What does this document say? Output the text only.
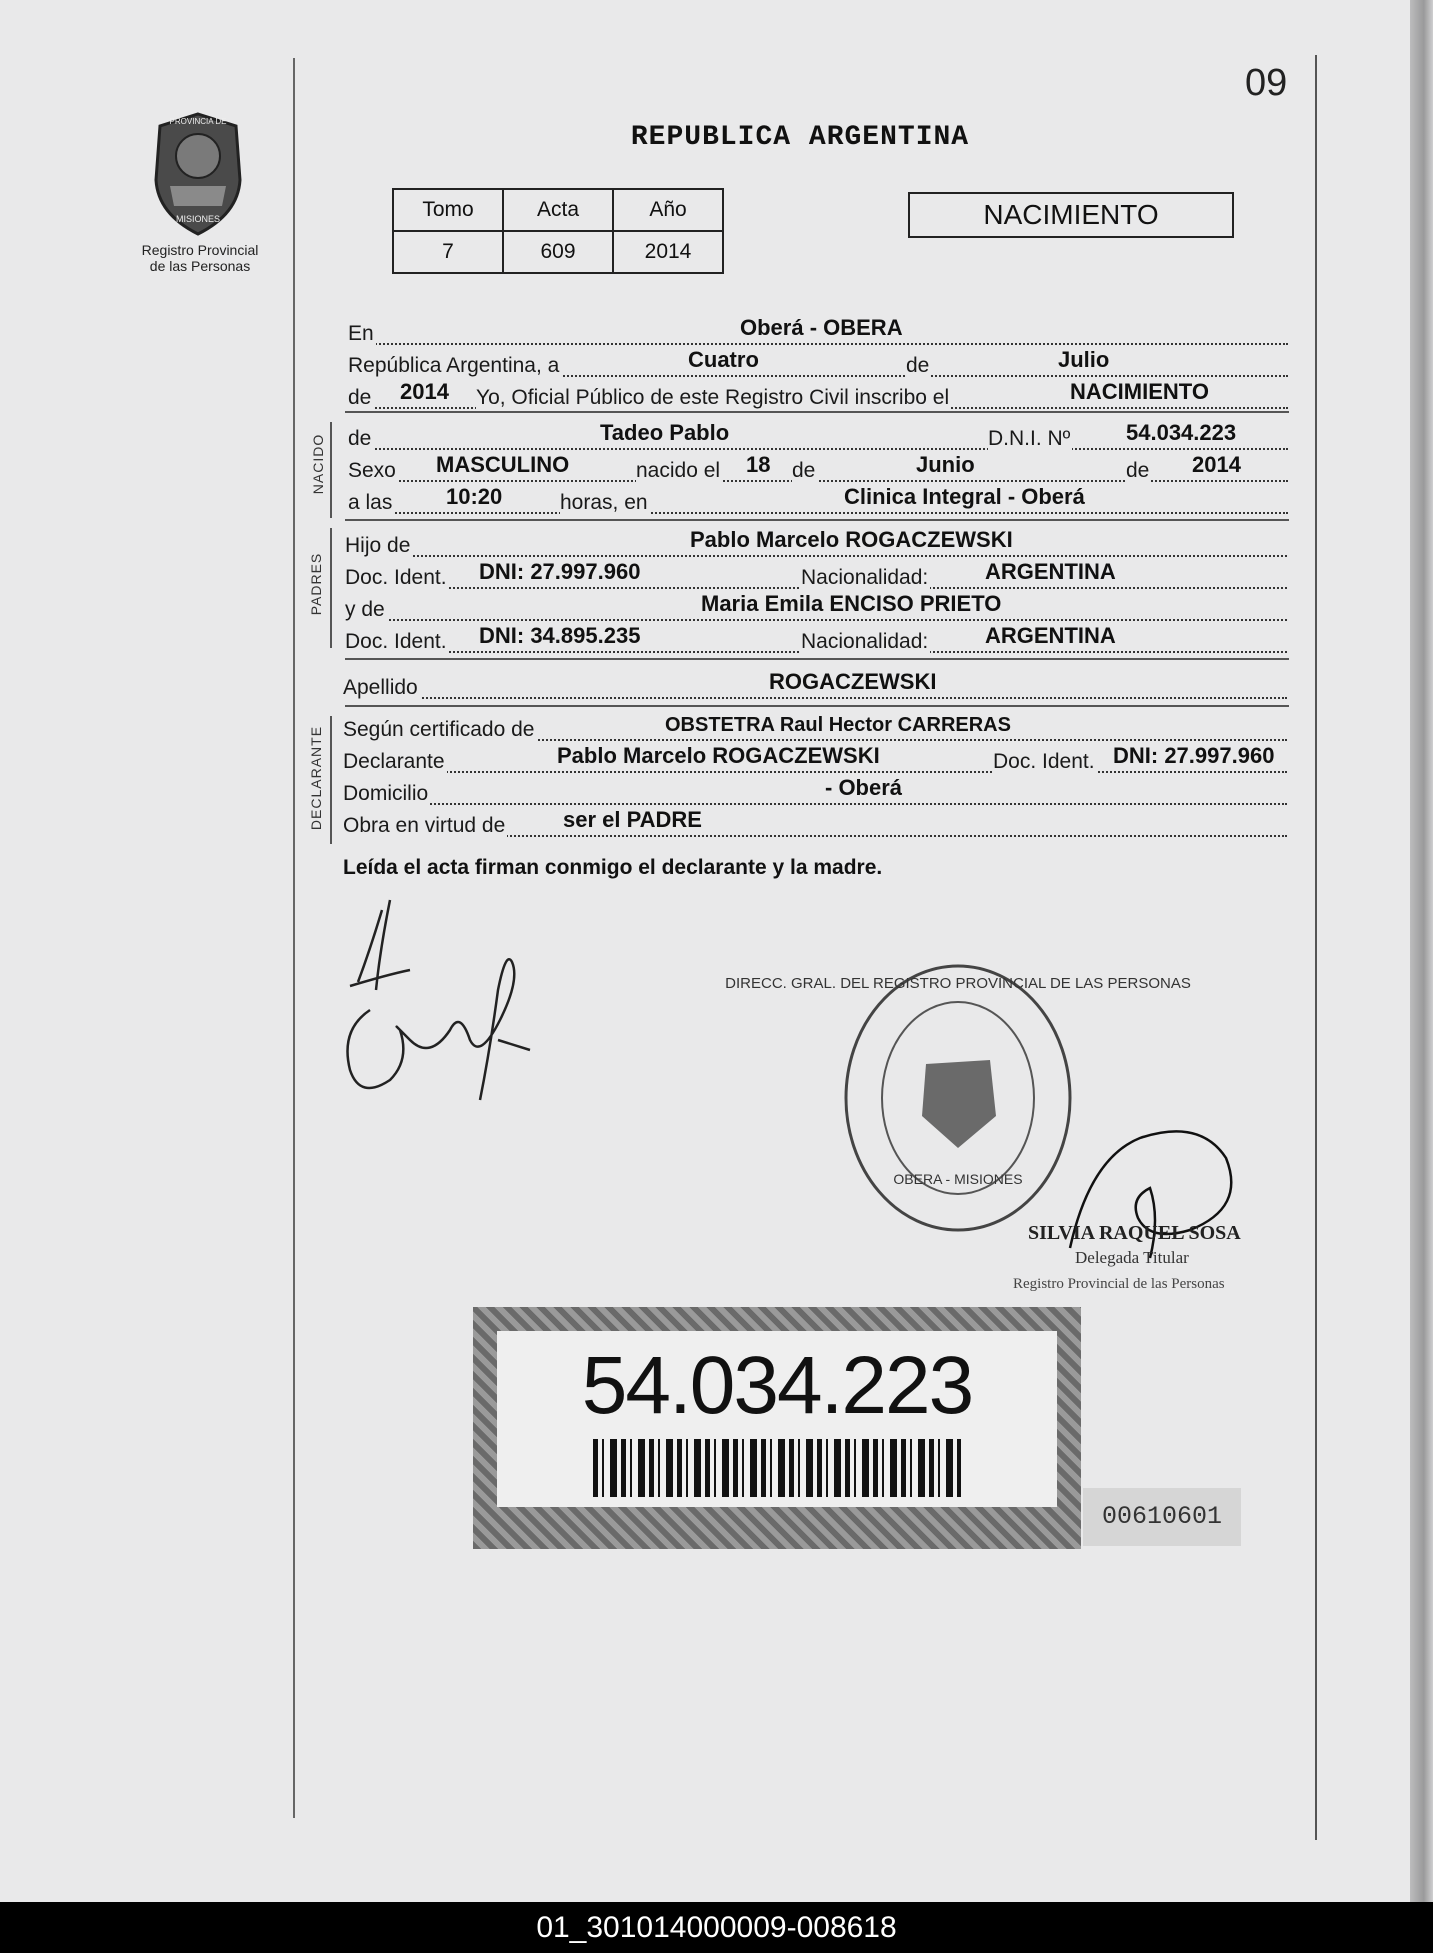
09
REPUBLICA ARGENTINA
PROVINCIA DE
MISIONES
Registro Provincial
de las Personas
Tomo	Acta	Año
7	609	2014
NACIMIENTO
En	Oberá - OBERA
República Argentina, a	Cuatro	de	Julio
de 2014 Yo, Oficial Público de este Registro Civil inscribo el	NACIMIENTO
NACIDO de	Tadeo Pablo	D.N.I. Nº	54.034.223
Sexo MASCULINO	nacido el 18 de	Junio	de 2014
a las 10:20	horas, en	Clinica Integral - Oberá
PADRES
Hijo de	Pablo Marcelo ROGACZEWSKI
Doc. Ident. DNI: 27.997.960	Nacionalidad:	ARGENTINA
y de	Maria Emila ENCISO PRIETO
Doc. Ident. DNI: 34.895.235	Nacionalidad:	ARGENTINA
Apellido	ROGACZEWSKI
DECLARANTE Según certificado de	OBSTETRA Raul Hector CARRERAS
Declarante	Pablo Marcelo ROGACZEWSKI	Doc. Ident. DNI: 27.997.960
Domicilio	- Oberá
Obra en virtud de	ser el PADRE
Leída el acta firman conmigo el declarante y la madre.
DIRECC. GRAL. DEL REGISTRO PROVINCIAL DE LAS PERSONAS
OBERA - MISIONES
SILVIA RAQUEL SOSA
Delegada Titular
Registro Provincial de las Personas
54.034.223
00610601
01_301014000009-008618
